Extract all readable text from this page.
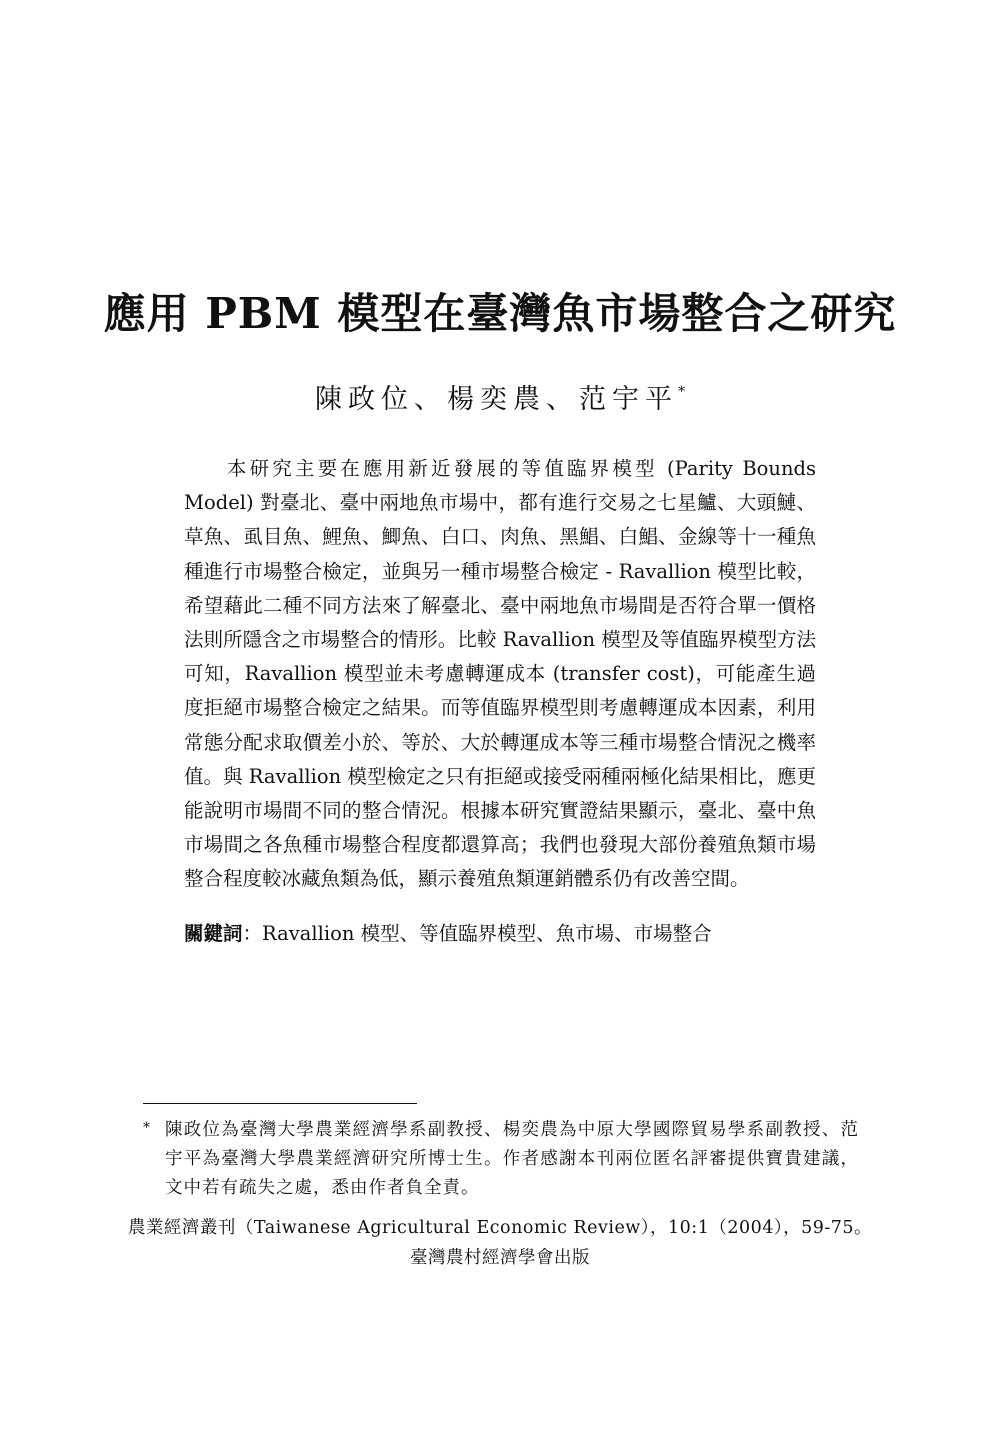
應用 PBM 模型在臺灣魚市場整合之研究
陳政位、楊奕農、范宇平*
本研究主要在應用新近發展的等值臨界模型 (Parity Bounds Model) 對臺北、臺中兩地魚市場中，都有進行交易之七星鱸、大頭鰱、草魚、虱目魚、鯉魚、鯽魚、白口、肉魚、黑鯧、白鯧、金線等十一種魚種進行市場整合檢定，並與另一種市場整合檢定 - Ravallion 模型比較，希望藉此二種不同方法來了解臺北、臺中兩地魚市場間是否符合單一價格法則所隱含之市場整合的情形。比較 Ravallion 模型及等值臨界模型方法可知，Ravallion 模型並未考慮轉運成本 (transfer cost)，可能產生過度拒絕市場整合檢定之結果。而等值臨界模型則考慮轉運成本因素，利用常態分配求取價差小於、等於、大於轉運成本等三種市場整合情況之機率值。與 Ravallion 模型檢定之只有拒絕或接受兩種兩極化結果相比，應更能說明市場間不同的整合情況。根據本研究實證結果顯示，臺北、臺中魚市場間之各魚種市場整合程度都還算高；我們也發現大部份養殖魚類市場整合程度較冰藏魚類為低，顯示養殖魚類運銷體系仍有改善空間。
關鍵詞：Ravallion 模型、等值臨界模型、魚市場、市場整合
* 陳政位為臺灣大學農業經濟學系副教授、楊奕農為中原大學國際貿易學系副教授、范宇平為臺灣大學農業經濟研究所博士生。作者感謝本刊兩位匿名評審提供寶貴建議，文中若有疏失之處，悉由作者負全責。
農業經濟叢刊（Taiwanese Agricultural Economic Review），10:1（2004），59-75。
臺灣農村經濟學會出版
